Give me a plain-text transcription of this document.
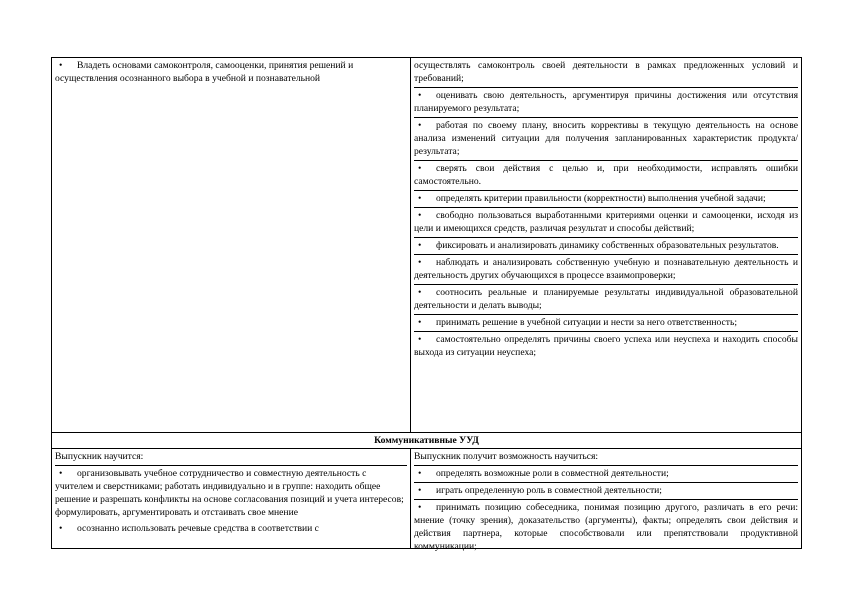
• Владеть основами самоконтроля, самооценки, принятия решений и осуществления осознанного выбора в учебной и познавательной

осуществлять самоконтроль своей деятельности в рамках предложенных условий и требований;
• оценивать свою деятельность, аргументируя причины достижения или отсутствия планируемого результата;
• работая по своему плану, вносить коррективы в текущую деятельность на основе анализа изменений ситуации для получения запланированных характеристик продукта/результата;
• сверять свои действия с целью и, при необходимости, исправлять ошибки самостоятельно.
• определять критерии правильности (корректности) выполнения учебной задачи;
• свободно пользоваться выработанными критериями оценки и самооценки, исходя из цели и имеющихся средств, различая результат и способы действий;
• фиксировать и анализировать динамику собственных образовательных результатов.
• наблюдать и анализировать собственную учебную и познавательную деятельность и деятельность других обучающихся в процессе взаимопроверки;
• соотносить реальные и планируемые результаты индивидуальной образовательной деятельности и делать выводы;
• принимать решение в учебной ситуации и нести за него ответственность;
• самостоятельно определять причины своего успеха или неуспеха и находить способы выхода из ситуации неуспеха;
Коммуникативные УУД
Выпускник научится:
• организовывать учебное сотрудничество и совместную деятельность с учителем и сверстниками; работать индивидуально и в группе: находить общее решение и разрешать конфликты на основе согласования позиций и учета интересов; формулировать, аргументировать и отстаивать свое мнение
• осознанно использовать речевые средства в соответствии с
Выпускник получит возможность научиться:
• определять возможные роли в совместной деятельности;
• играть определенную роль в совместной деятельности;
• принимать позицию собеседника, понимая позицию другого, различать в его речи: мнение (точку зрения), доказательство (аргументы), факты; определять свои действия и действия партнера, которые способствовали или препятствовали продуктивной коммуникации;
